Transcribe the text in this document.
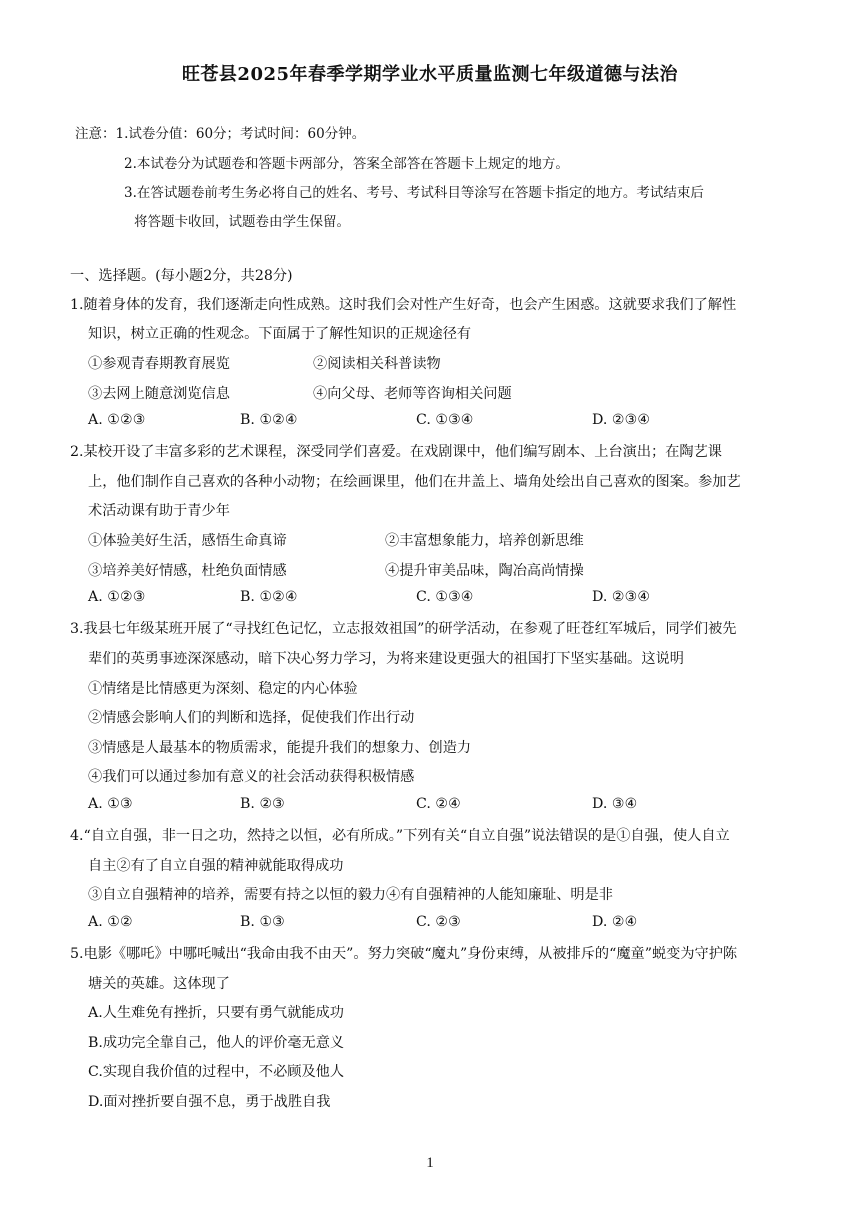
旺苍县2025年春季学期学业水平质量监测七年级道德与法治
注意：1.试卷分值：60分；考试时间：60分钟。
2.本试卷分为试题卷和答题卡两部分，答案全部答在答题卡上规定的地方。
3.在答试题卷前考生务必将自己的姓名、考号、考试科目等涂写在答题卡指定的地方。考试结束后
将答题卡收回，试题卷由学生保留。
一、选择题。(每小题2分，共28分)
1.随着身体的发育，我们逐渐走向性成熟。这时我们会对性产生好奇，也会产生困惑。这就要求我们了解性
知识，树立正确的性观念。下面属于了解性知识的正规途径有
①参观青春期教育展览	②阅读相关科普读物
③去网上随意浏览信息	④向父母、老师等咨询相关问题
A. ①②③	B. ①②④	C. ①③④	D. ②③④
2.某校开设了丰富多彩的艺术课程，深受同学们喜爱。在戏剧课中，他们编写剧本、上台演出；在陶艺课
上，他们制作自己喜欢的各种小动物；在绘画课里，他们在井盖上、墙角处绘出自己喜欢的图案。参加艺
术活动课有助于青少年
①体验美好生活，感悟生命真谛	②丰富想象能力，培养创新思维
③培养美好情感，杜绝负面情感	④提升审美品味，陶冶高尚情操
A. ①②③	B. ①②④	C. ①③④	D. ②③④
3.我县七年级某班开展了“寻找红色记忆，立志报效祖国”的研学活动，在参观了旺苍红军城后，同学们被先
辈们的英勇事迹深深感动，暗下决心努力学习，为将来建设更强大的祖国打下坚实基础。这说明
①情绪是比情感更为深刻、稳定的内心体验
②情感会影响人们的判断和选择，促使我们作出行动
③情感是人最基本的物质需求，能提升我们的想象力、创造力
④我们可以通过参加有意义的社会活动获得积极情感
A. ①③	B. ②③	C. ②④	D. ③④
4.“自立自强，非一日之功，然持之以恒，必有所成。”下列有关“自立自强”说法错误的是①自强，使人自立
自主②有了自立自强的精神就能取得成功
③自立自强精神的培养，需要有持之以恒的毅力④有自强精神的人能知廉耻、明是非
A. ①②	B. ①③	C. ②③	D. ②④
5.电影《哪吒》中哪吒喊出“我命由我不由天”。努力突破“魔丸”身份束缚，从被排斥的“魔童”蜕变为守护陈
塘关的英雄。这体现了
A.人生难免有挫折，只要有勇气就能成功
B.成功完全靠自己，他人的评价毫无意义
C.实现自我价值的过程中，不必顾及他人
D.面对挫折要自强不息，勇于战胜自我
1
